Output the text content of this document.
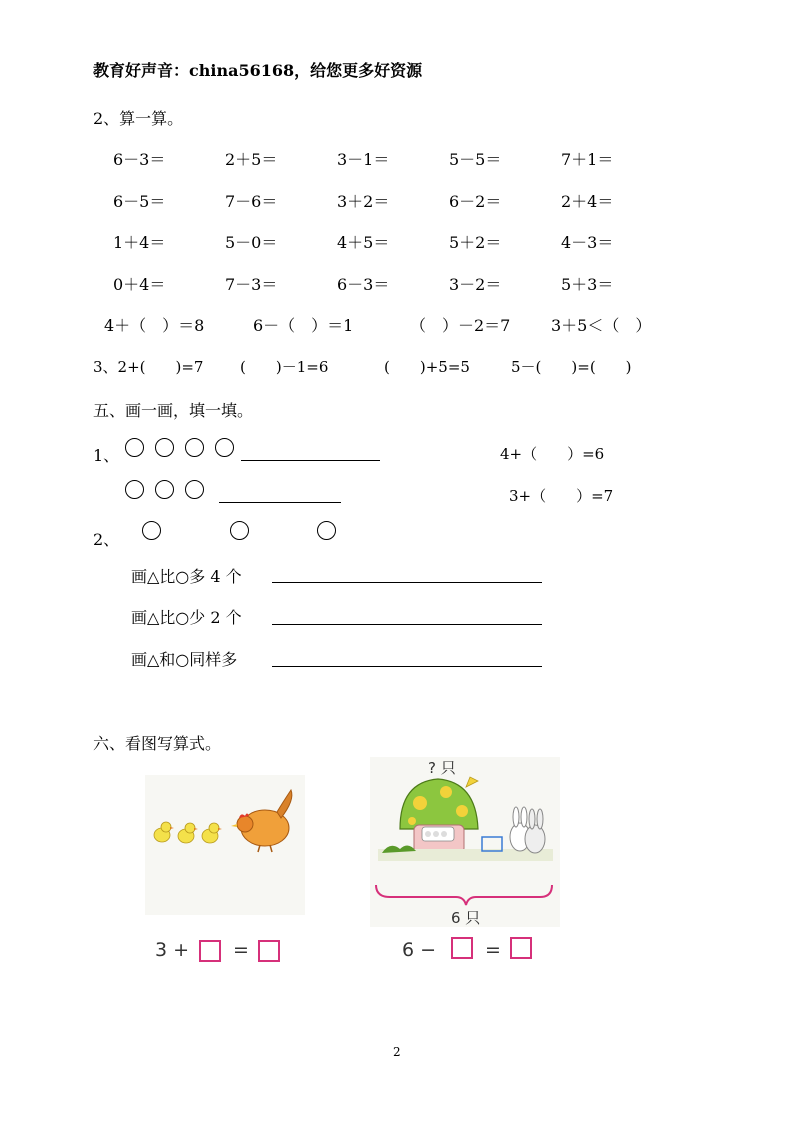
教育好声音：china56168，给您更多好资源
2、算一算。
6－3＝	2＋5＝	3－1＝	5－5＝	7＋1＝
6－5＝	7－6＝	3＋2＝	6－2＝	2＋4＝
1＋4＝	5－0＝	4＋5＝	5＋2＝	4－3＝
0＋4＝	7－3＝	6－3＝	3－2＝	5＋3＝
4＋（　）＝8	6－（　）＝1	（　）－2＝7	3＋5＜（　）
3、2+(　　)=7 (　　)－1=6	(　　)+5=5	5－(　　)=(　　)
五、画一画，填一填。
1、	4+（　　）=6
3+（　　）=7
2、
画△比○多 4 个
画△比○少 2 个
画△和○同样多
六、看图写算式。
3 + =
? 只
6 只
6 −	=
2
